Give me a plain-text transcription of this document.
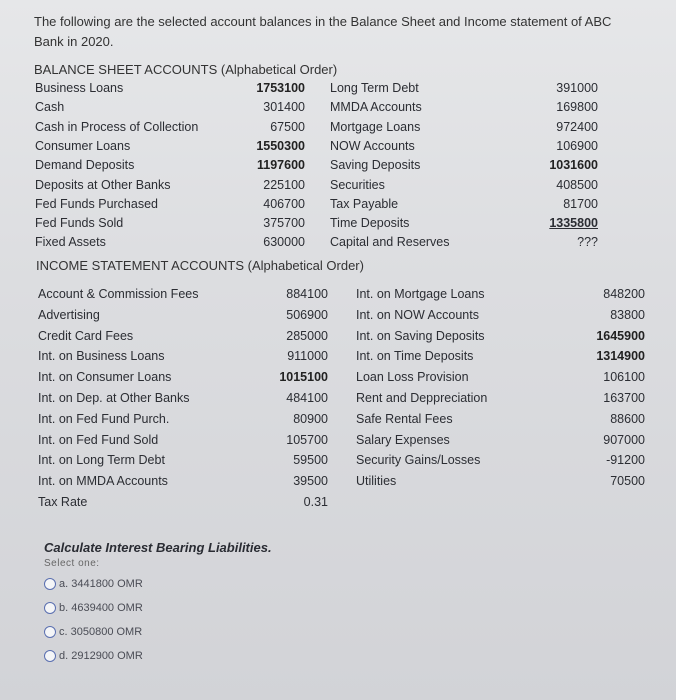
The following are the selected account balances in the Balance Sheet and Income statement of ABC Bank in 2020.
BALANCE SHEET ACCOUNTS (Alphabetical Order)
Business Loans	1753100
Cash	301400
Cash in Process of Collection	67500
Consumer Loans	1550300
Demand Deposits	1197600
Deposits at Other Banks	225100
Fed Funds Purchased	406700
Fed Funds Sold	375700
Fixed Assets	630000
Long Term Debt	391000
MMDA Accounts	169800
Mortgage Loans	972400
NOW Accounts	106900
Saving Deposits	1031600
Securities	408500
Tax Payable	81700
Time Deposits	1335800
Capital and Reserves	???
INCOME STATEMENT ACCOUNTS (Alphabetical Order)
Account & Commission Fees	884100
Advertising	506900
Credit Card Fees	285000
Int. on Business Loans	911000
Int. on Consumer Loans	1015100
Int. on Dep. at Other Banks	484100
Int. on Fed Fund Purch.	80900
Int. on Fed Fund Sold	105700
Int. on Long Term Debt	59500
Int. on MMDA Accounts	39500
Tax Rate	0.31
Int. on Mortgage Loans	848200
Int. on NOW Accounts	83800
Int. on Saving Deposits	1645900
Int. on Time Deposits	1314900
Loan Loss Provision	106100
Rent and Deppreciation	163700
Safe Rental Fees	88600
Salary Expenses	907000
Security Gains/Losses	-91200
Utilities	70500
Calculate Interest Bearing Liabilities.
Select one:
a. 3441800 OMR
b. 4639400 OMR
c. 3050800 OMR
d. 2912900 OMR
